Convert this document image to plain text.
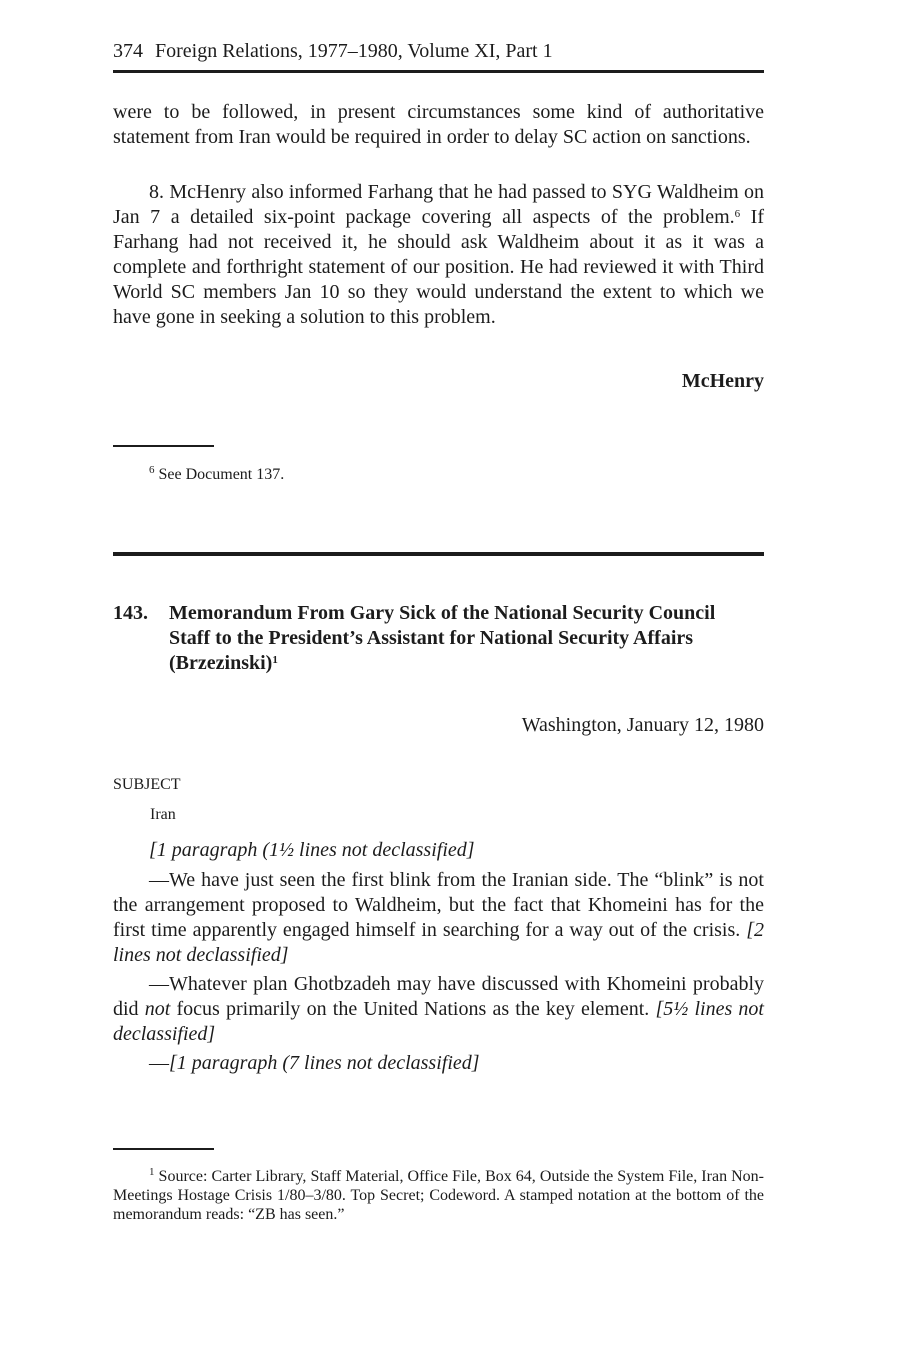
374 Foreign Relations, 1977–1980, Volume XI, Part 1
were to be followed, in present circumstances some kind of authoritative statement from Iran would be required in order to delay SC action on sanctions.
8. McHenry also informed Farhang that he had passed to SYG Waldheim on Jan 7 a detailed six-point package covering all aspects of the problem.$^6$ If Farhang had not received it, he should ask Waldheim about it as it was a complete and forthright statement of our position. He had reviewed it with Third World SC members Jan 10 so they would understand the extent to which we have gone in seeking a solution to this problem.
McHenry
$^6$ See Document 137.
143. Memorandum From Gary Sick of the National Security Council Staff to the President’s Assistant for National Security Affairs (Brzezinski)$^1$
Washington, January 12, 1980
SUBJECT
Iran
[1 paragraph (1½ lines not declassified]
—We have just seen the first blink from the Iranian side. The “blink” is not the arrangement proposed to Waldheim, but the fact that Khomeini has for the first time apparently engaged himself in searching for a way out of the crisis. [2 lines not declassified]
—Whatever plan Ghotbzadeh may have discussed with Khomeini probably did not focus primarily on the United Nations as the key element. [5½ lines not declassified]
—[1 paragraph (7 lines not declassified]
$^1$ Source: Carter Library, Staff Material, Office File, Box 64, Outside the System File, Iran Non-Meetings Hostage Crisis 1/80–3/80. Top Secret; Codeword. A stamped notation at the bottom of the memorandum reads: “ZB has seen.”
